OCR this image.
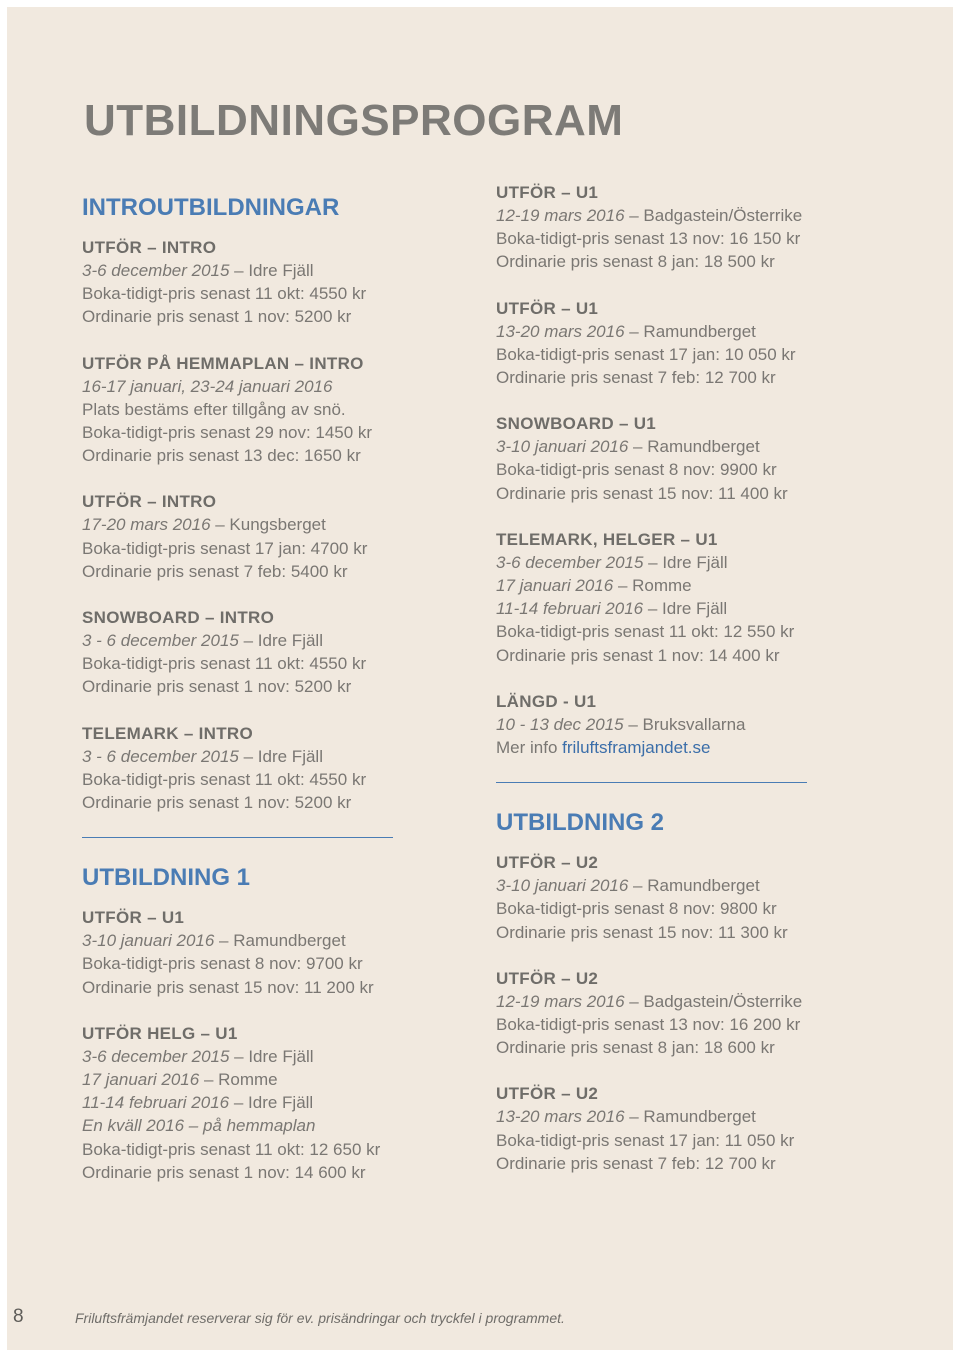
UTBILDNINGSPROGRAM
INTROUTBILDNINGAR
UTFÖR – INTRO
3-6 december 2015 – Idre Fjäll
Boka-tidigt-pris senast 11 okt: 4550 kr
Ordinarie pris senast 1 nov: 5200 kr
UTFÖR PÅ HEMMAPLAN – INTRO
16-17 januari, 23-24 januari 2016
Plats bestäms efter tillgång av snö.
Boka-tidigt-pris senast 29 nov: 1450 kr
Ordinarie pris senast 13 dec: 1650 kr
UTFÖR – INTRO
17-20 mars 2016 – Kungsberget
Boka-tidigt-pris senast 17 jan: 4700 kr
Ordinarie pris senast 7 feb: 5400 kr
SNOWBOARD – INTRO
3 - 6 december 2015 – Idre Fjäll
Boka-tidigt-pris senast 11 okt: 4550 kr
Ordinarie pris senast 1 nov: 5200 kr
TELEMARK – INTRO
3 - 6 december 2015 – Idre Fjäll
Boka-tidigt-pris senast 11 okt: 4550 kr
Ordinarie pris senast 1 nov: 5200 kr
UTBILDNING 1
UTFÖR – U1
3-10 januari 2016 – Ramundberget
Boka-tidigt-pris senast 8 nov: 9700 kr
Ordinarie pris senast 15 nov: 11 200 kr
UTFÖR HELG – U1
3-6 december 2015 – Idre Fjäll
17 januari 2016 – Romme
11-14 februari 2016 – Idre Fjäll
En kväll 2016 – på hemmaplan
Boka-tidigt-pris senast 11 okt: 12 650 kr
Ordinarie pris senast 1 nov: 14 600 kr
UTFÖR – U1
12-19 mars 2016 – Badgastein/Österrike
Boka-tidigt-pris senast 13 nov: 16 150 kr
Ordinarie pris senast 8 jan: 18 500 kr
UTFÖR – U1
13-20 mars 2016 – Ramundberget
Boka-tidigt-pris senast 17 jan: 10 050 kr
Ordinarie pris senast 7 feb: 12 700 kr
SNOWBOARD – U1
3-10 januari 2016 – Ramundberget
Boka-tidigt-pris senast 8 nov: 9900 kr
Ordinarie pris senast 15 nov: 11 400 kr
TELEMARK, HELGER – U1
3-6 december 2015 – Idre Fjäll
17 januari 2016 – Romme
11-14 februari 2016 – Idre Fjäll
Boka-tidigt-pris senast 11 okt: 12 550 kr
Ordinarie pris senast 1 nov: 14 400 kr
LÄNGD - U1
10 - 13 dec 2015 – Bruksvallarna
Mer info friluftsframjandet.se
UTBILDNING 2
UTFÖR – U2
3-10 januari 2016 – Ramundberget
Boka-tidigt-pris senast 8 nov: 9800 kr
Ordinarie pris senast 15 nov: 11 300 kr
UTFÖR – U2
12-19 mars 2016 – Badgastein/Österrike
Boka-tidigt-pris senast 13 nov: 16 200 kr
Ordinarie pris senast 8 jan: 18 600 kr
UTFÖR – U2
13-20 mars 2016 – Ramundberget
Boka-tidigt-pris senast 17 jan: 11 050 kr
Ordinarie pris senast 7 feb: 12 700 kr
8	Friluftsfrämjandet reserverar sig för ev. prisändringar och tryckfel i programmet.
